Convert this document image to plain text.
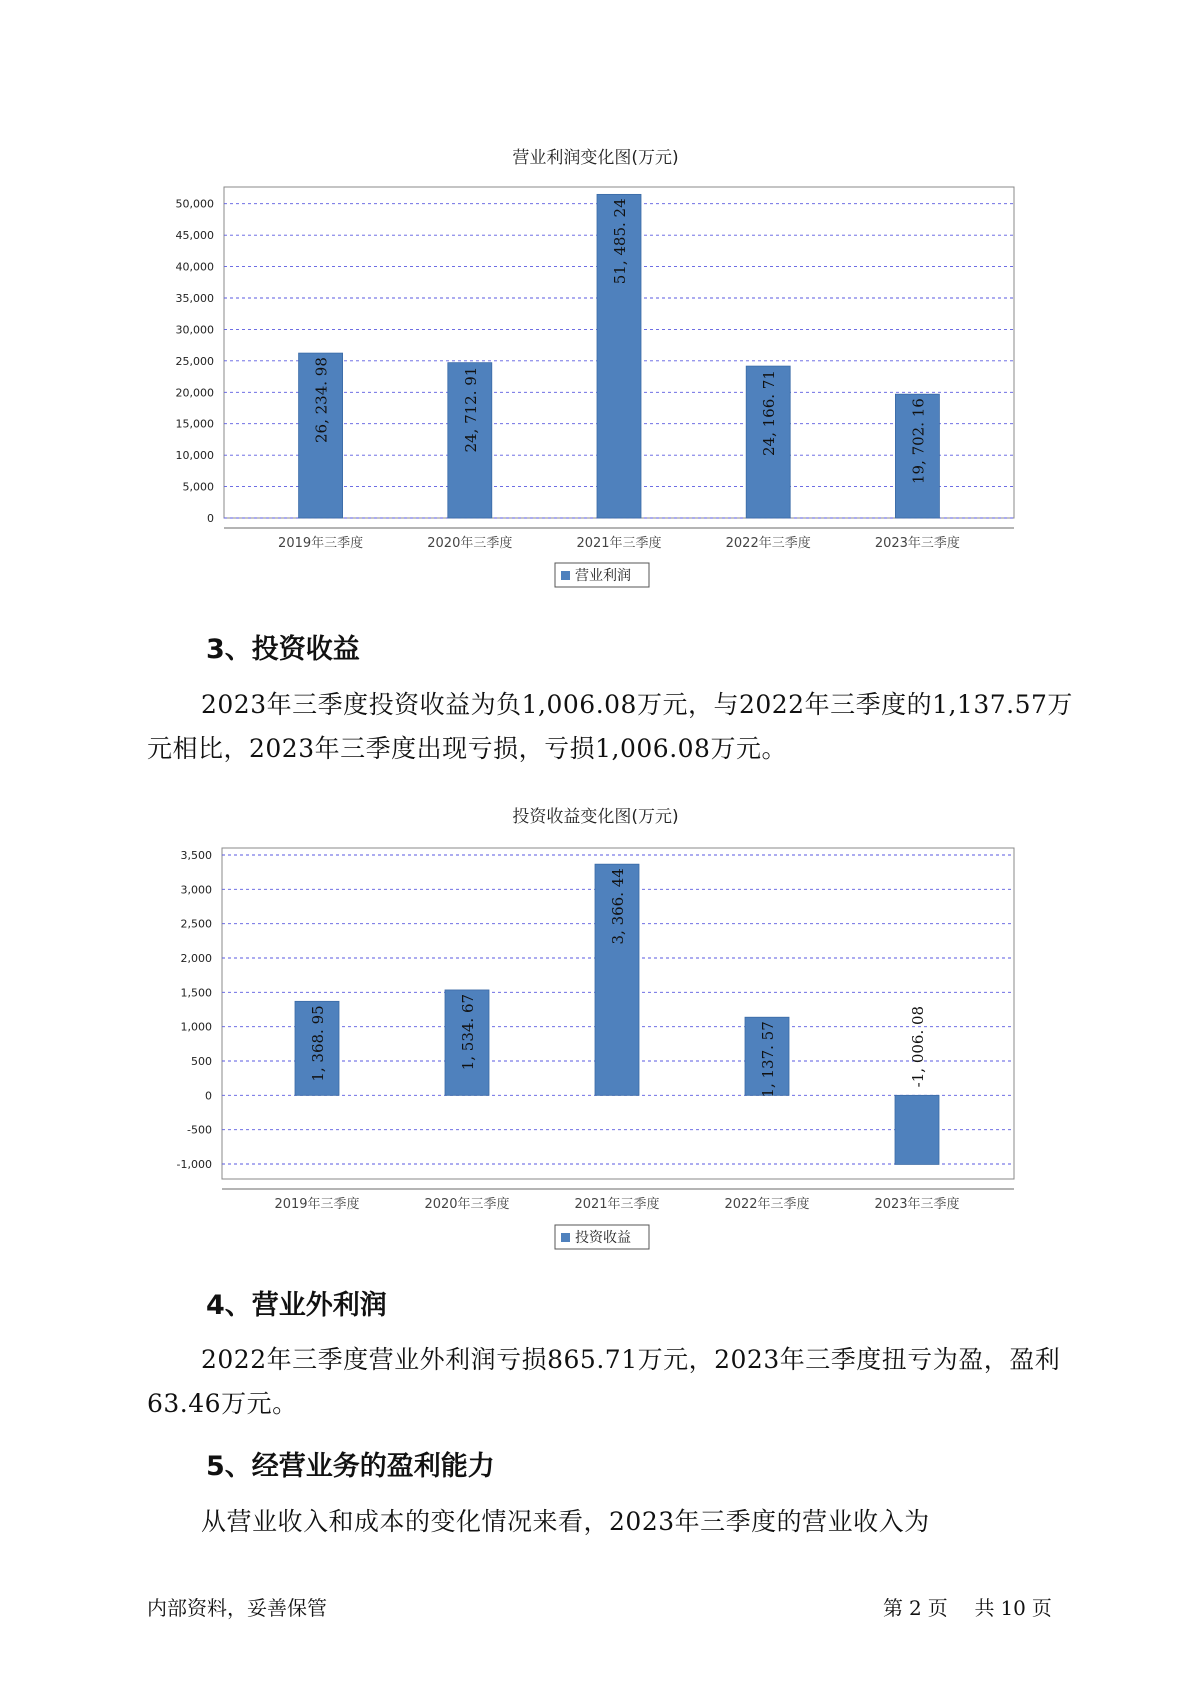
营业利润变化图(万元)
0
5,000
10,000
15,000
20,000
25,000
30,000
35,000
40,000
45,000
50,000
26, 234. 98
2019年三季度
24, 712. 91
2020年三季度
51, 485. 24
2021年三季度
24, 166. 71
2022年三季度
19, 702. 16
2023年三季度
营业利润
3、投资收益

2023年三季度投资收益为负1,006.08万元，与2022年三季度的1,137.57万元相比，2023年三季度出现亏损，亏损1,006.08万元。

投资收益变化图(万元)
-1,000
-500
0
500
1,000
1,500
2,000
2,500
3,000
3,500
1, 368. 95
2019年三季度
1, 534. 67
2020年三季度
3, 366. 44
2021年三季度
1, 137. 57
2022年三季度
-1, 006. 08
2023年三季度
投资收益
4、营业外利润

2022年三季度营业外利润亏损865.71万元，2023年三季度扭亏为盈，盈利63.46万元。

5、经营业务的盈利能力

从营业收入和成本的变化情况来看，2023年三季度的营业收入为

内部资料，妥善保管	第 2 页 共 10 页
